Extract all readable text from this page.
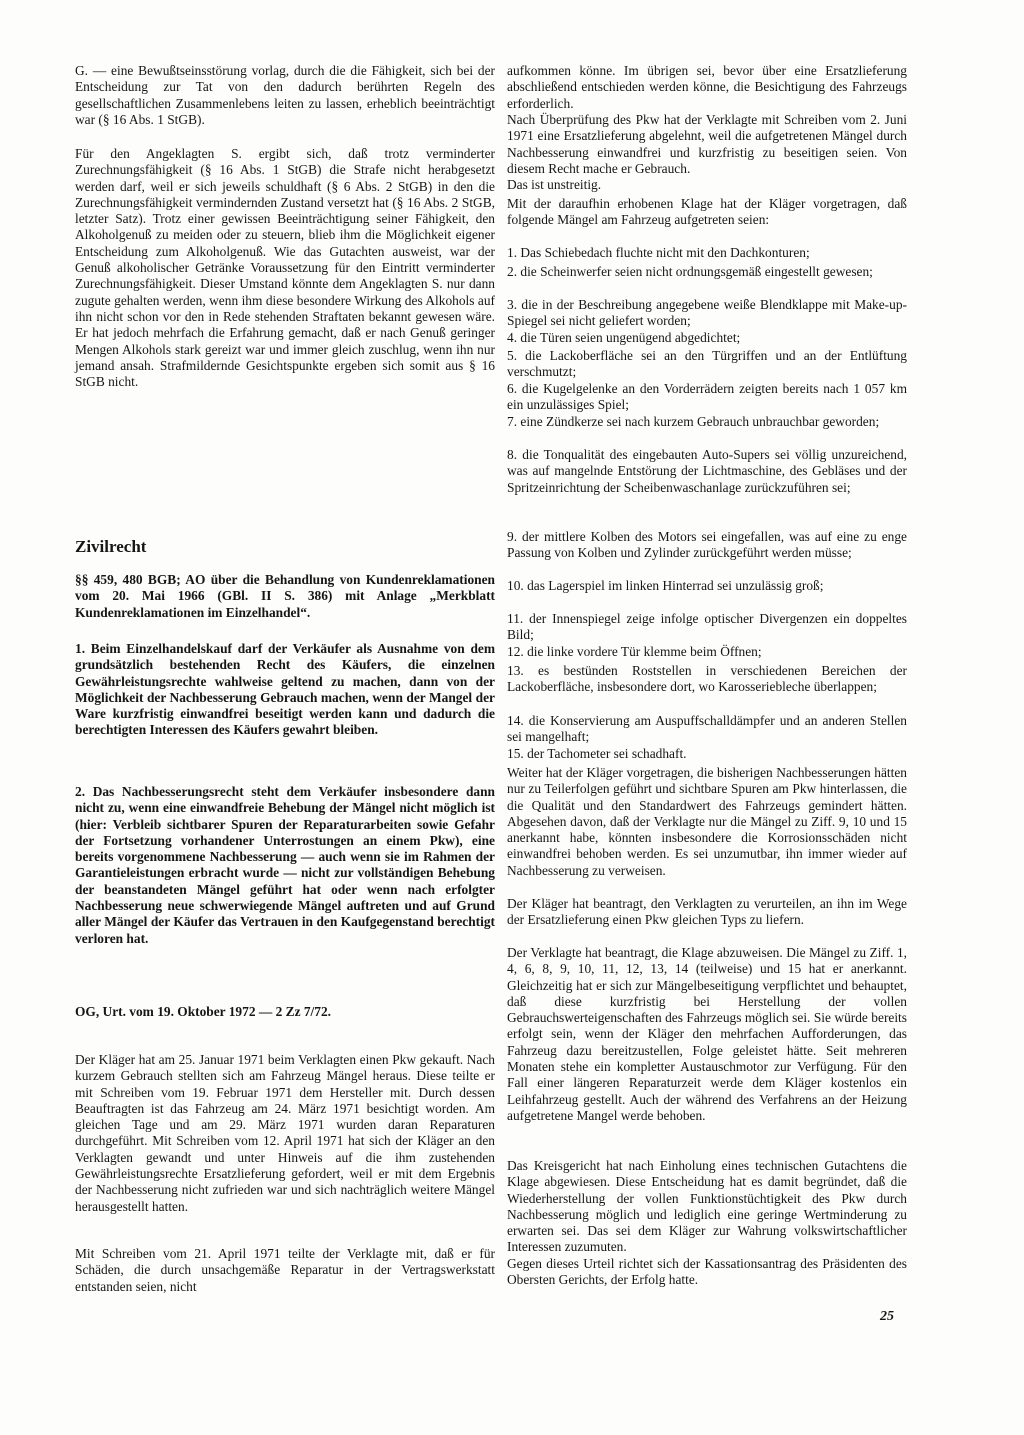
G. — eine Bewußtseinsstörung vorlag, durch die die Fähigkeit, sich bei der Entscheidung zur Tat von den dadurch berührten Regeln des gesellschaftlichen Zusammenlebens leiten zu lassen, erheblich beeinträchtigt war (§ 16 Abs. 1 StGB).

Für den Angeklagten S. ergibt sich, daß trotz verminderter Zurechnungsfähigkeit (§ 16 Abs. 1 StGB) die Strafe nicht herabgesetzt werden darf, weil er sich jeweils schuldhaft (§ 6 Abs. 2 StGB) in den die Zurechnungsfähigkeit vermindernden Zustand versetzt hat (§ 16 Abs. 2 StGB, letzter Satz). Trotz einer gewissen Beeinträchtigung seiner Fähigkeit, den Alkoholgenuß zu meiden oder zu steuern, blieb ihm die Möglichkeit eigener Entscheidung zum Alkoholgenuß. Wie das Gutachten ausweist, war der Genuß alkoholischer Getränke Voraussetzung für den Eintritt verminderter Zurechnungsfähigkeit. Dieser Umstand könnte dem Angeklagten S. nur dann zugute gehalten werden, wenn ihm diese besondere Wirkung des Alkohols auf ihn nicht schon vor den in Rede stehenden Straftaten bekannt gewesen wäre. Er hat jedoch mehrfach die Erfahrung gemacht, daß er nach Genuß geringer Mengen Alkohols stark gereizt war und immer gleich zuschlug, wenn ihn nur jemand ansah. Strafmildernde Gesichtspunkte ergeben sich somit aus § 16 StGB nicht.

Zivilrecht

§§ 459, 480 BGB; AO über die Behandlung von Kundenreklamationen vom 20. Mai 1966 (GBl. II S. 386) mit Anlage „Merkblatt Kundenreklamationen im Einzelhandel“.

1. Beim Einzelhandelskauf darf der Verkäufer als Ausnahme von dem grundsätzlich bestehenden Recht des Käufers, die einzelnen Gewährleistungsrechte wahlweise geltend zu machen, dann von der Möglichkeit der Nachbesserung Gebrauch machen, wenn der Mangel der Ware kurzfristig einwandfrei beseitigt werden kann und dadurch die berechtigten Interessen des Käufers gewahrt bleiben.

2. Das Nachbesserungsrecht steht dem Verkäufer insbesondere dann nicht zu, wenn eine einwandfreie Behebung der Mängel nicht möglich ist (hier: Verbleib sichtbarer Spuren der Reparaturarbeiten sowie Gefahr der Fortsetzung vorhandener Unterrostungen an einem Pkw), eine bereits vorgenommene Nachbesserung — auch wenn sie im Rahmen der Garantieleistungen erbracht wurde — nicht zur vollständigen Behebung der beanstandeten Mängel geführt hat oder wenn nach erfolgter Nachbesserung neue schwerwiegende Mängel auftreten und auf Grund aller Mängel der Käufer das Vertrauen in den Kaufgegenstand berechtigt verloren hat.

OG, Urt. vom 19. Oktober 1972 — 2 Zz 7/72.

Der Kläger hat am 25. Januar 1971 beim Verklagten einen Pkw gekauft. Nach kurzem Gebrauch stellten sich am Fahrzeug Mängel heraus. Diese teilte er mit Schreiben vom 19. Februar 1971 dem Hersteller mit. Durch dessen Beauftragten ist das Fahrzeug am 24. März 1971 besichtigt worden. Am gleichen Tage und am 29. März 1971 wurden daran Reparaturen durchgeführt. Mit Schreiben vom 12. April 1971 hat sich der Kläger an den Verklagten gewandt und unter Hinweis auf die ihm zustehenden Gewährleistungsrechte Ersatzlieferung gefordert, weil er mit dem Ergebnis der Nachbesserung nicht zufrieden war und sich nachträglich weitere Mängel herausgestellt hatten.

Mit Schreiben vom 21. April 1971 teilte der Verklagte mit, daß er für Schäden, die durch unsachgemäße Reparatur in der Vertragswerkstatt entstanden seien, nicht

aufkommen könne. Im übrigen sei, bevor über eine Ersatzlieferung abschließend entschieden werden könne, die Besichtigung des Fahrzeugs erforderlich.

Nach Überprüfung des Pkw hat der Verklagte mit Schreiben vom 2. Juni 1971 eine Ersatzlieferung abgelehnt, weil die aufgetretenen Mängel durch Nachbesserung einwandfrei und kurzfristig zu beseitigen seien. Von diesem Recht mache er Gebrauch.

Das ist unstreitig.

Mit der daraufhin erhobenen Klage hat der Kläger vorgetragen, daß folgende Mängel am Fahrzeug aufgetreten seien:

1. Das Schiebedach fluchte nicht mit den Dachkonturen;

2. die Scheinwerfer seien nicht ordnungsgemäß eingestellt gewesen;

3. die in der Beschreibung angegebene weiße Blendklappe mit Make-up-Spiegel sei nicht geliefert worden;

4. die Türen seien ungenügend abgedichtet;

5. die Lackoberfläche sei an den Türgriffen und an der Entlüftung verschmutzt;

6. die Kugelgelenke an den Vorderrädern zeigten bereits nach 1 057 km ein unzulässiges Spiel;

7. eine Zündkerze sei nach kurzem Gebrauch unbrauchbar geworden;

8. die Tonqualität des eingebauten Auto-Supers sei völlig unzureichend, was auf mangelnde Entstörung der Lichtmaschine, des Gebläses und der Spritzeinrichtung der Scheibenwaschanlage zurückzuführen sei;

9. der mittlere Kolben des Motors sei eingefallen, was auf eine zu enge Passung von Kolben und Zylinder zurückgeführt werden müsse;

10. das Lagerspiel im linken Hinterrad sei unzulässig groß;

11. der Innenspiegel zeige infolge optischer Divergenzen ein doppeltes Bild;

12. die linke vordere Tür klemme beim Öffnen;

13. es bestünden Roststellen in verschiedenen Bereichen der Lackoberfläche, insbesondere dort, wo Karosseriebleche überlappen;

14. die Konservierung am Auspuffschalldämpfer und an anderen Stellen sei mangelhaft;

15. der Tachometer sei schadhaft.

Weiter hat der Kläger vorgetragen, die bisherigen Nachbesserungen hätten nur zu Teilerfolgen geführt und sichtbare Spuren am Pkw hinterlassen, die die Qualität und den Standardwert des Fahrzeugs gemindert hätten. Abgesehen davon, daß der Verklagte nur die Mängel zu Ziff. 9, 10 und 15 anerkannt habe, könnten insbesondere die Korrosionsschäden nicht einwandfrei behoben werden. Es sei unzumutbar, ihn immer wieder auf Nachbesserung zu verweisen.

Der Kläger hat beantragt, den Verklagten zu verurteilen, an ihn im Wege der Ersatzlieferung einen Pkw gleichen Typs zu liefern.

Der Verklagte hat beantragt, die Klage abzuweisen. Die Mängel zu Ziff. 1, 4, 6, 8, 9, 10, 11, 12, 13, 14 (teilweise) und 15 hat er anerkannt. Gleichzeitig hat er sich zur Mängelbeseitigung verpflichtet und behauptet, daß diese kurzfristig bei Herstellung der vollen Gebrauchswerteigenschaften des Fahrzeugs möglich sei. Sie würde bereits erfolgt sein, wenn der Kläger den mehrfachen Aufforderungen, das Fahrzeug dazu bereitzustellen, Folge geleistet hätte. Seit mehreren Monaten stehe ein kompletter Austauschmotor zur Verfügung. Für den Fall einer längeren Reparaturzeit werde dem Kläger kostenlos ein Leihfahrzeug gestellt. Auch der während des Verfahrens an der Heizung aufgetretene Mangel werde behoben.

Das Kreisgericht hat nach Einholung eines technischen Gutachtens die Klage abgewiesen. Diese Entscheidung hat es damit begründet, daß die Wiederherstellung der vollen Funktionstüchtigkeit des Pkw durch Nachbesserung möglich und lediglich eine geringe Wertminderung zu erwarten sei. Das sei dem Kläger zur Wahrung volkswirtschaftlicher Interessen zuzumuten.

Gegen dieses Urteil richtet sich der Kassationsantrag des Präsidenten des Obersten Gerichts, der Erfolg hatte.

25
